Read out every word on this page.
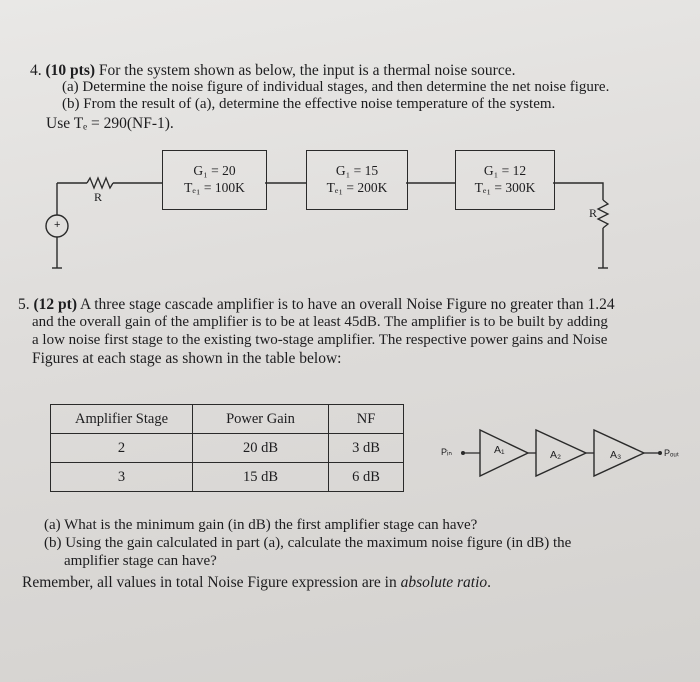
4. (10 pts) For the system shown as below, the input is a thermal noise source.
(a) Determine the noise figure of individual stages, and then determine the net noise figure.
(b) From the result of (a), determine the effective noise temperature of the system.
Use Tₑ = 290(NF-1).
+
R
R
G₁ = 20
Tₑ₁ = 100K
G₁ = 15
Tₑ₁ = 200K
G₁ = 12
Tₑ₁ = 300K
5. (12 pt) A three stage cascade amplifier is to have an overall Noise Figure no greater than 1.24
and the overall gain of the amplifier is to be at least 45dB. The amplifier is to be built by adding
a low noise first stage to the existing two-stage amplifier. The respective power gains and Noise
Figures at each stage as shown in the table below:
Amplifier Stage	Power Gain	NF
2	20 dB	3 dB
3	15 dB	6 dB
Pᵢₙ	A₁	A₂	A₃	Pₒᵤₜ
(a) What is the minimum gain (in dB) the first amplifier stage can have?
(b) Using the gain calculated in part (a), calculate the maximum noise figure (in dB) the
amplifier stage can have?
Remember, all values in total Noise Figure expression are in absolute ratio.
